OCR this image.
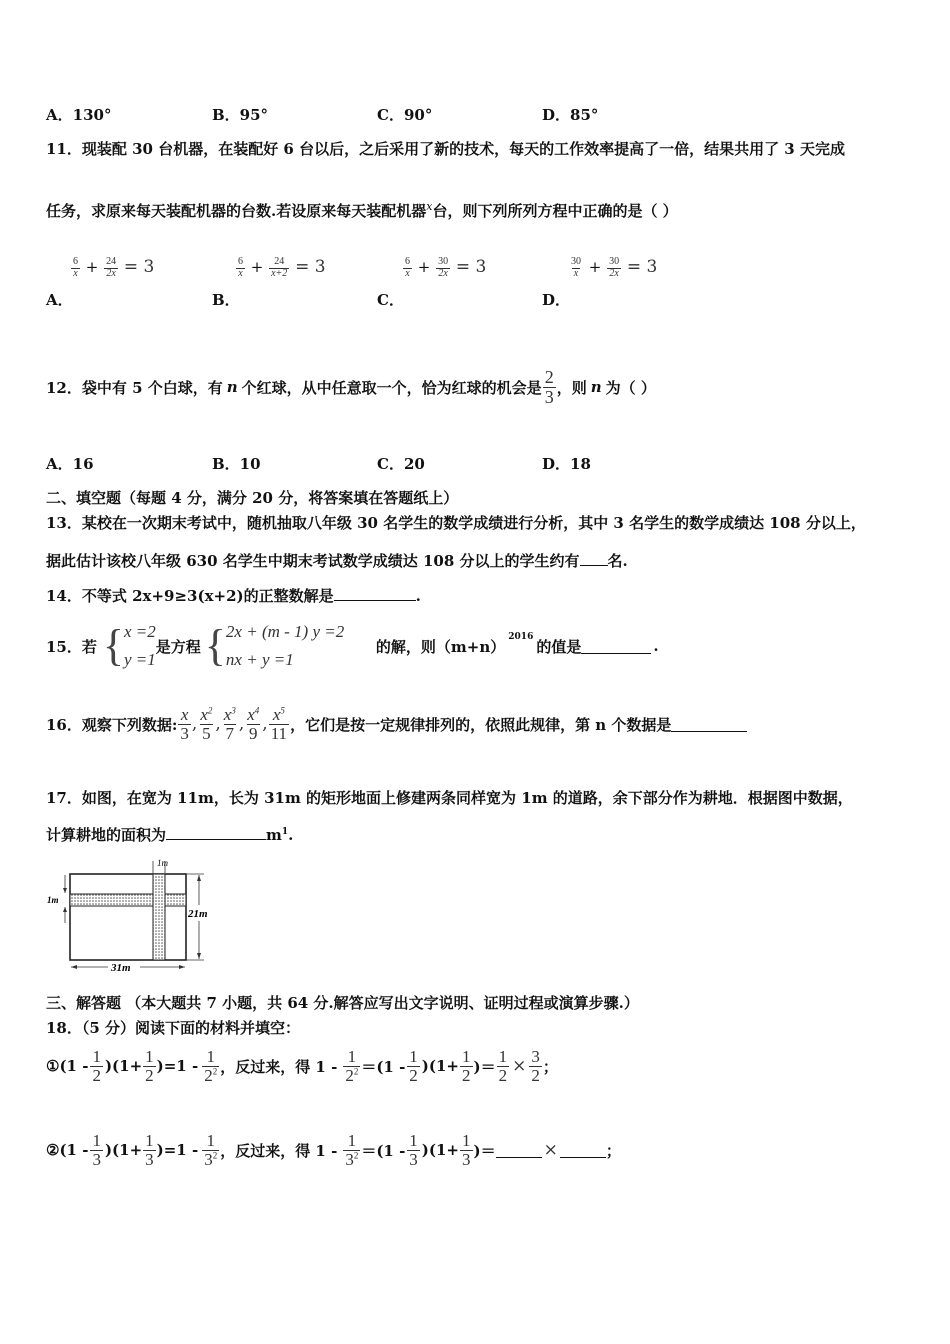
A．130°	B．95°	C．90°	D．85°
11．现装配 30 台机器，在装配好 6 台以后，之后采用了新的技术，每天的工作效率提高了一倍，结果共用了 3 天完成
任务，求原来每天装配机器的台数.若设原来每天装配机器$^x$台，则下列所列方程中正确的是（ ）
$\frac{6}{x} + \frac{24}{2x} = 3$	$\frac{6}{x} + \frac{24}{x+2} = 3$	$\frac{6}{x} + \frac{30}{2x} = 3$	$\frac{30}{x} + \frac{30}{2x} = 3$
A．	B．	C．	D．
12．袋中有 5 个白球，有 n 个红球，从中任意取一个，恰为红球的机会是 $\frac{2}{3}$ ，则 n 为（ ）
A．16	B．10	C．20	D．18
二、填空题（每题 4 分，满分 20 分，将答案填在答题纸上）
13．某校在一次期末考试中，随机抽取八年级 30 名学生的数学成绩进行分析，其中 3 名学生的数学成绩达 108 分以上，
据此估计该校八年级 630 名学生中期末考试数学成绩达 108 分以上的学生约有 名.
14．不等式 2x+9≥3(x+2)的正整数解是	.
15．若 { x =2
y =1
是方程 { 2x + (m - 1) y =2
nx + y =1
的解，则（m+n）
$^{2016}$
的值是	.
16．观察下列数据: $\frac{x}{3}$ , $\frac{x^2}{5}$ , $\frac{x^3}{7}$ , $\frac{x^4}{9}$ , $\frac{x^5}{11}$ ，它们是按一定规律排列的，依照此规律，第 n 个数据是
17．如图，在宽为 11m，长为 31m 的矩形地面上修建两条同样宽为 1m 的道路，余下部分作为耕地．根据图中数据，
计算耕地的面积为	$m^1$.
1m
1m
21m
31m
三、解答题 （本大题共 7 小题，共 64 分.解答应写出文字说明、证明过程或演算步骤.）
18．（5 分）阅读下面的材料并填空：
①(1 - $\frac{1}{2} )(1+ \frac{1}{2} )=1 - \frac{1}{2^2}$ ，反过来，得 $1 - \frac{1}{2^2} =(1 - \frac{1}{2} )(1+ \frac{1}{2}$ )＝ $\frac{1}{2} \times \frac{3}{2}$ ；
②(1 - $\frac{1}{3} )(1+ \frac{1}{3} )=1 - \frac{1}{3^2}$ ，反过来，得 $1 - \frac{1}{3^2} =(1 - \frac{1}{3} )(1+ \frac{1}{3}$ )＝	×	；
